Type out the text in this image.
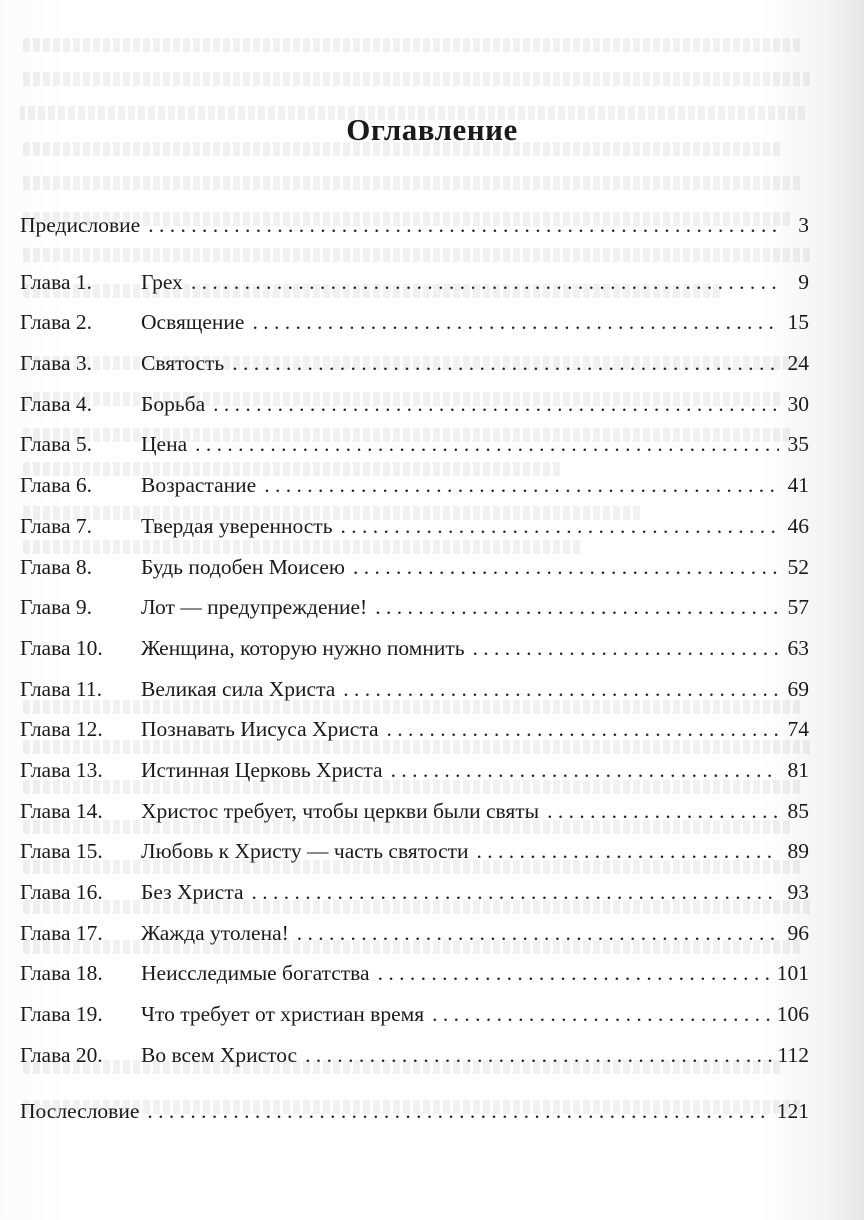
Оглавление
Предисловие . . .	3
Глава 1.	Грех . . .	9
Глава 2.	Освящение . . .	15
Глава 3.	Святость . . .	24
Глава 4.	Борьба . . .	30
Глава 5.	Цена . . .	35
Глава 6.	Возрастание . . .	41
Глава 7.	Твердая уверенность . . .	46
Глава 8.	Будь подобен Моисею . . .	52
Глава 9.	Лот — предупреждение! . . .	57
Глава 10.	Женщина, которую нужно помнить . . .	63
Глава 11.	Великая сила Христа . . .	69
Глава 12.	Познавать Иисуса Христа . . .	74
Глава 13.	Истинная Церковь Христа . . .	81
Глава 14.	Христос требует, чтобы церкви были святы . . .	85
Глава 15.	Любовь к Христу — часть святости . . .	89
Глава 16.	Без Христа . . .	93
Глава 17.	Жажда утолена! . . .	96
Глава 18.	Неисследимые богатства . . .	101
Глава 19.	Что требует от христиан время . . .	106
Глава 20.	Во всем Христос . . .	112
Послесловие . . .	121
